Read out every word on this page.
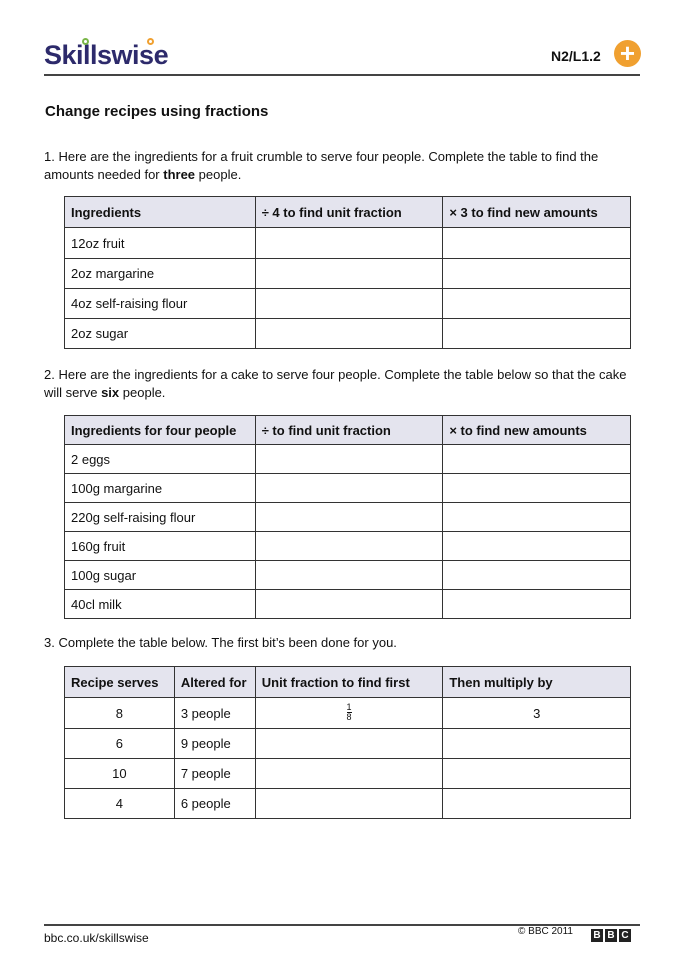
Skillswise	N2/L1.2 +
Change recipes using fractions
1. Here are the ingredients for a fruit crumble to serve four people. Complete the table to find the amounts needed for three people.
Ingredients	÷ 4 to find unit fraction	× 3 to find new amounts
12oz fruit		
2oz margarine		
4oz self-raising flour		
2oz sugar		
2. Here are the ingredients for a cake to serve four people. Complete the table below so that the cake will serve six people.
Ingredients for four people	÷ to find unit fraction	× to find new amounts
2 eggs		
100g margarine		
220g self-raising flour		
160g fruit		
100g sugar		
40cl milk		
3. Complete the table below. The first bit’s been done for you.
Recipe serves	Altered for	Unit fraction to find first	Then multiply by
8	3 people	$\frac{1}{8}$	3
6	9 people		
10	7 people		
4	6 people		
bbc.co.uk/skillswise	© BBC 2011 B B C
